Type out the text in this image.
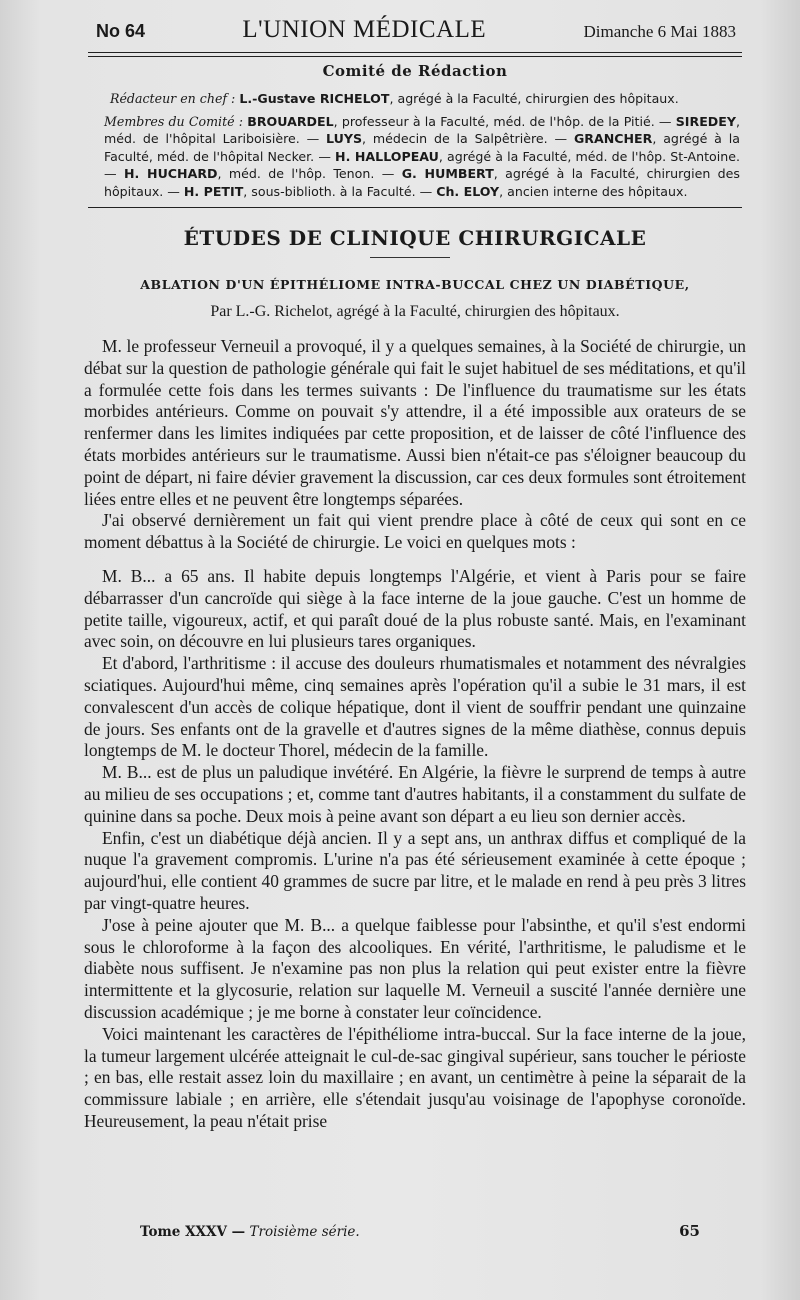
No 64	L'UNION MÉDICALE	Dimanche 6 Mai 1883
Comité de Rédaction

Rédacteur en chef : L.-Gustave RICHELOT, agrégé à la Faculté, chirurgien des hôpitaux.

Membres du Comité : BROUARDEL, professeur à la Faculté, méd. de l'hôp. de la Pitié. — SIREDEY, méd. de l'hôpital Lariboisière. — LUYS, médecin de la Salpêtrière. — GRANCHER, agrégé à la Faculté, méd. de l'hôpital Necker. — H. HALLOPEAU, agrégé à la Faculté, méd. de l'hôp. St-Antoine. — H. HUCHARD, méd. de l'hôp. Tenon. — G. HUMBERT, agrégé à la Faculté, chirurgien des hôpitaux. — H. PETIT, sous-biblioth. à la Faculté. — Ch. ELOY, ancien interne des hôpitaux.

ÉTUDES DE CLINIQUE CHIRURGICALE
ABLATION D'UN ÉPITHÉLIOME INTRA-BUCCAL CHEZ UN DIABÉTIQUE,
Par L.-G. Richelot, agrégé à la Faculté, chirurgien des hôpitaux.

M. le professeur Verneuil a provoqué, il y a quelques semaines, à la Société de chirurgie, un débat sur la question de pathologie générale qui fait le sujet habituel de ses méditations, et qu'il a formulée cette fois dans les termes suivants : De l'influence du traumatisme sur les états morbides antérieurs. Comme on pouvait s'y attendre, il a été impossible aux orateurs de se renfermer dans les limites indiquées par cette proposition, et de laisser de côté l'influence des états morbides antérieurs sur le traumatisme. Aussi bien n'était-ce pas s'éloigner beaucoup du point de départ, ni faire dévier gravement la discussion, car ces deux formules sont étroitement liées entre elles et ne peuvent être longtemps séparées.

J'ai observé dernièrement un fait qui vient prendre place à côté de ceux qui sont en ce moment débattus à la Société de chirurgie. Le voici en quelques mots :

M. B... a 65 ans. Il habite depuis longtemps l'Algérie, et vient à Paris pour se faire débarrasser d'un cancroïde qui siège à la face interne de la joue gauche. C'est un homme de petite taille, vigoureux, actif, et qui paraît doué de la plus robuste santé. Mais, en l'examinant avec soin, on découvre en lui plusieurs tares organiques.

Et d'abord, l'arthritisme : il accuse des douleurs rhumatismales et notamment des névralgies sciatiques. Aujourd'hui même, cinq semaines après l'opération qu'il a subie le 31 mars, il est convalescent d'un accès de colique hépatique, dont il vient de souffrir pendant une quinzaine de jours. Ses enfants ont de la gravelle et d'autres signes de la même diathèse, connus depuis longtemps de M. le docteur Thorel, médecin de la famille.

M. B... est de plus un paludique invétéré. En Algérie, la fièvre le surprend de temps à autre au milieu de ses occupations ; et, comme tant d'autres habitants, il a constamment du sulfate de quinine dans sa poche. Deux mois à peine avant son départ a eu lieu son dernier accès.

Enfin, c'est un diabétique déjà ancien. Il y a sept ans, un anthrax diffus et compliqué de la nuque l'a gravement compromis. L'urine n'a pas été sérieusement examinée à cette époque ; aujourd'hui, elle contient 40 grammes de sucre par litre, et le malade en rend à peu près 3 litres par vingt-quatre heures.

J'ose à peine ajouter que M. B... a quelque faiblesse pour l'absinthe, et qu'il s'est endormi sous le chloroforme à la façon des alcooliques. En vérité, l'arthritisme, le paludisme et le diabète nous suffisent. Je n'examine pas non plus la relation qui peut exister entre la fièvre intermittente et la glycosurie, relation sur laquelle M. Verneuil a suscité l'année dernière une discussion académique ; je me borne à constater leur coïncidence.

Voici maintenant les caractères de l'épithéliome intra-buccal. Sur la face interne de la joue, la tumeur largement ulcérée atteignait le cul-de-sac gingival supérieur, sans toucher le périoste ; en bas, elle restait assez loin du maxillaire ; en avant, un centimètre à peine la séparait de la commissure labiale ; en arrière, elle s'étendait jusqu'au voisinage de l'apophyse coronoïde. Heureusement, la peau n'était prise

Tome XXXV — Troisième série.	65
